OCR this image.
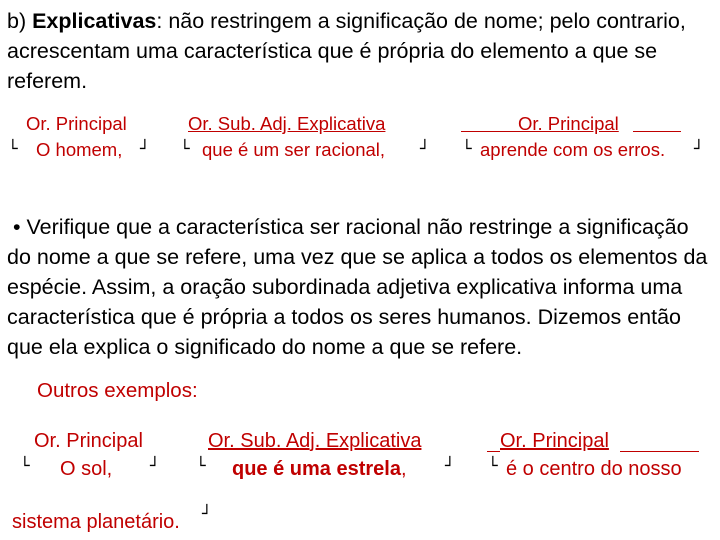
b) Explicativas: não restringem a significação de nome; pelo contrario, acrescentam uma característica que é própria do elemento a que se referem.
Or. Principal
└ O homem, ┘
Or. Sub. Adj. Explicativa
└ que é um ser racional, ┘
Or. Principal
└ aprende com os erros. ┘
• Verifique que a característica ser racional não restringe a significação
do nome a que se refere, uma vez que se aplica a todos os elementos da
espécie. Assim, a oração subordinada adjetiva explicativa informa uma
característica que é própria a todos os seres humanos. Dizemos então
que ela explica o significado do nome a que se refere.
Outros exemplos:
Or. Principal
└ O sol, ┘
Or. Sub. Adj. Explicativa
└ que é uma estrela, ┘
Or. Principal
└ é o centro do nosso
sistema planetário. ┘
